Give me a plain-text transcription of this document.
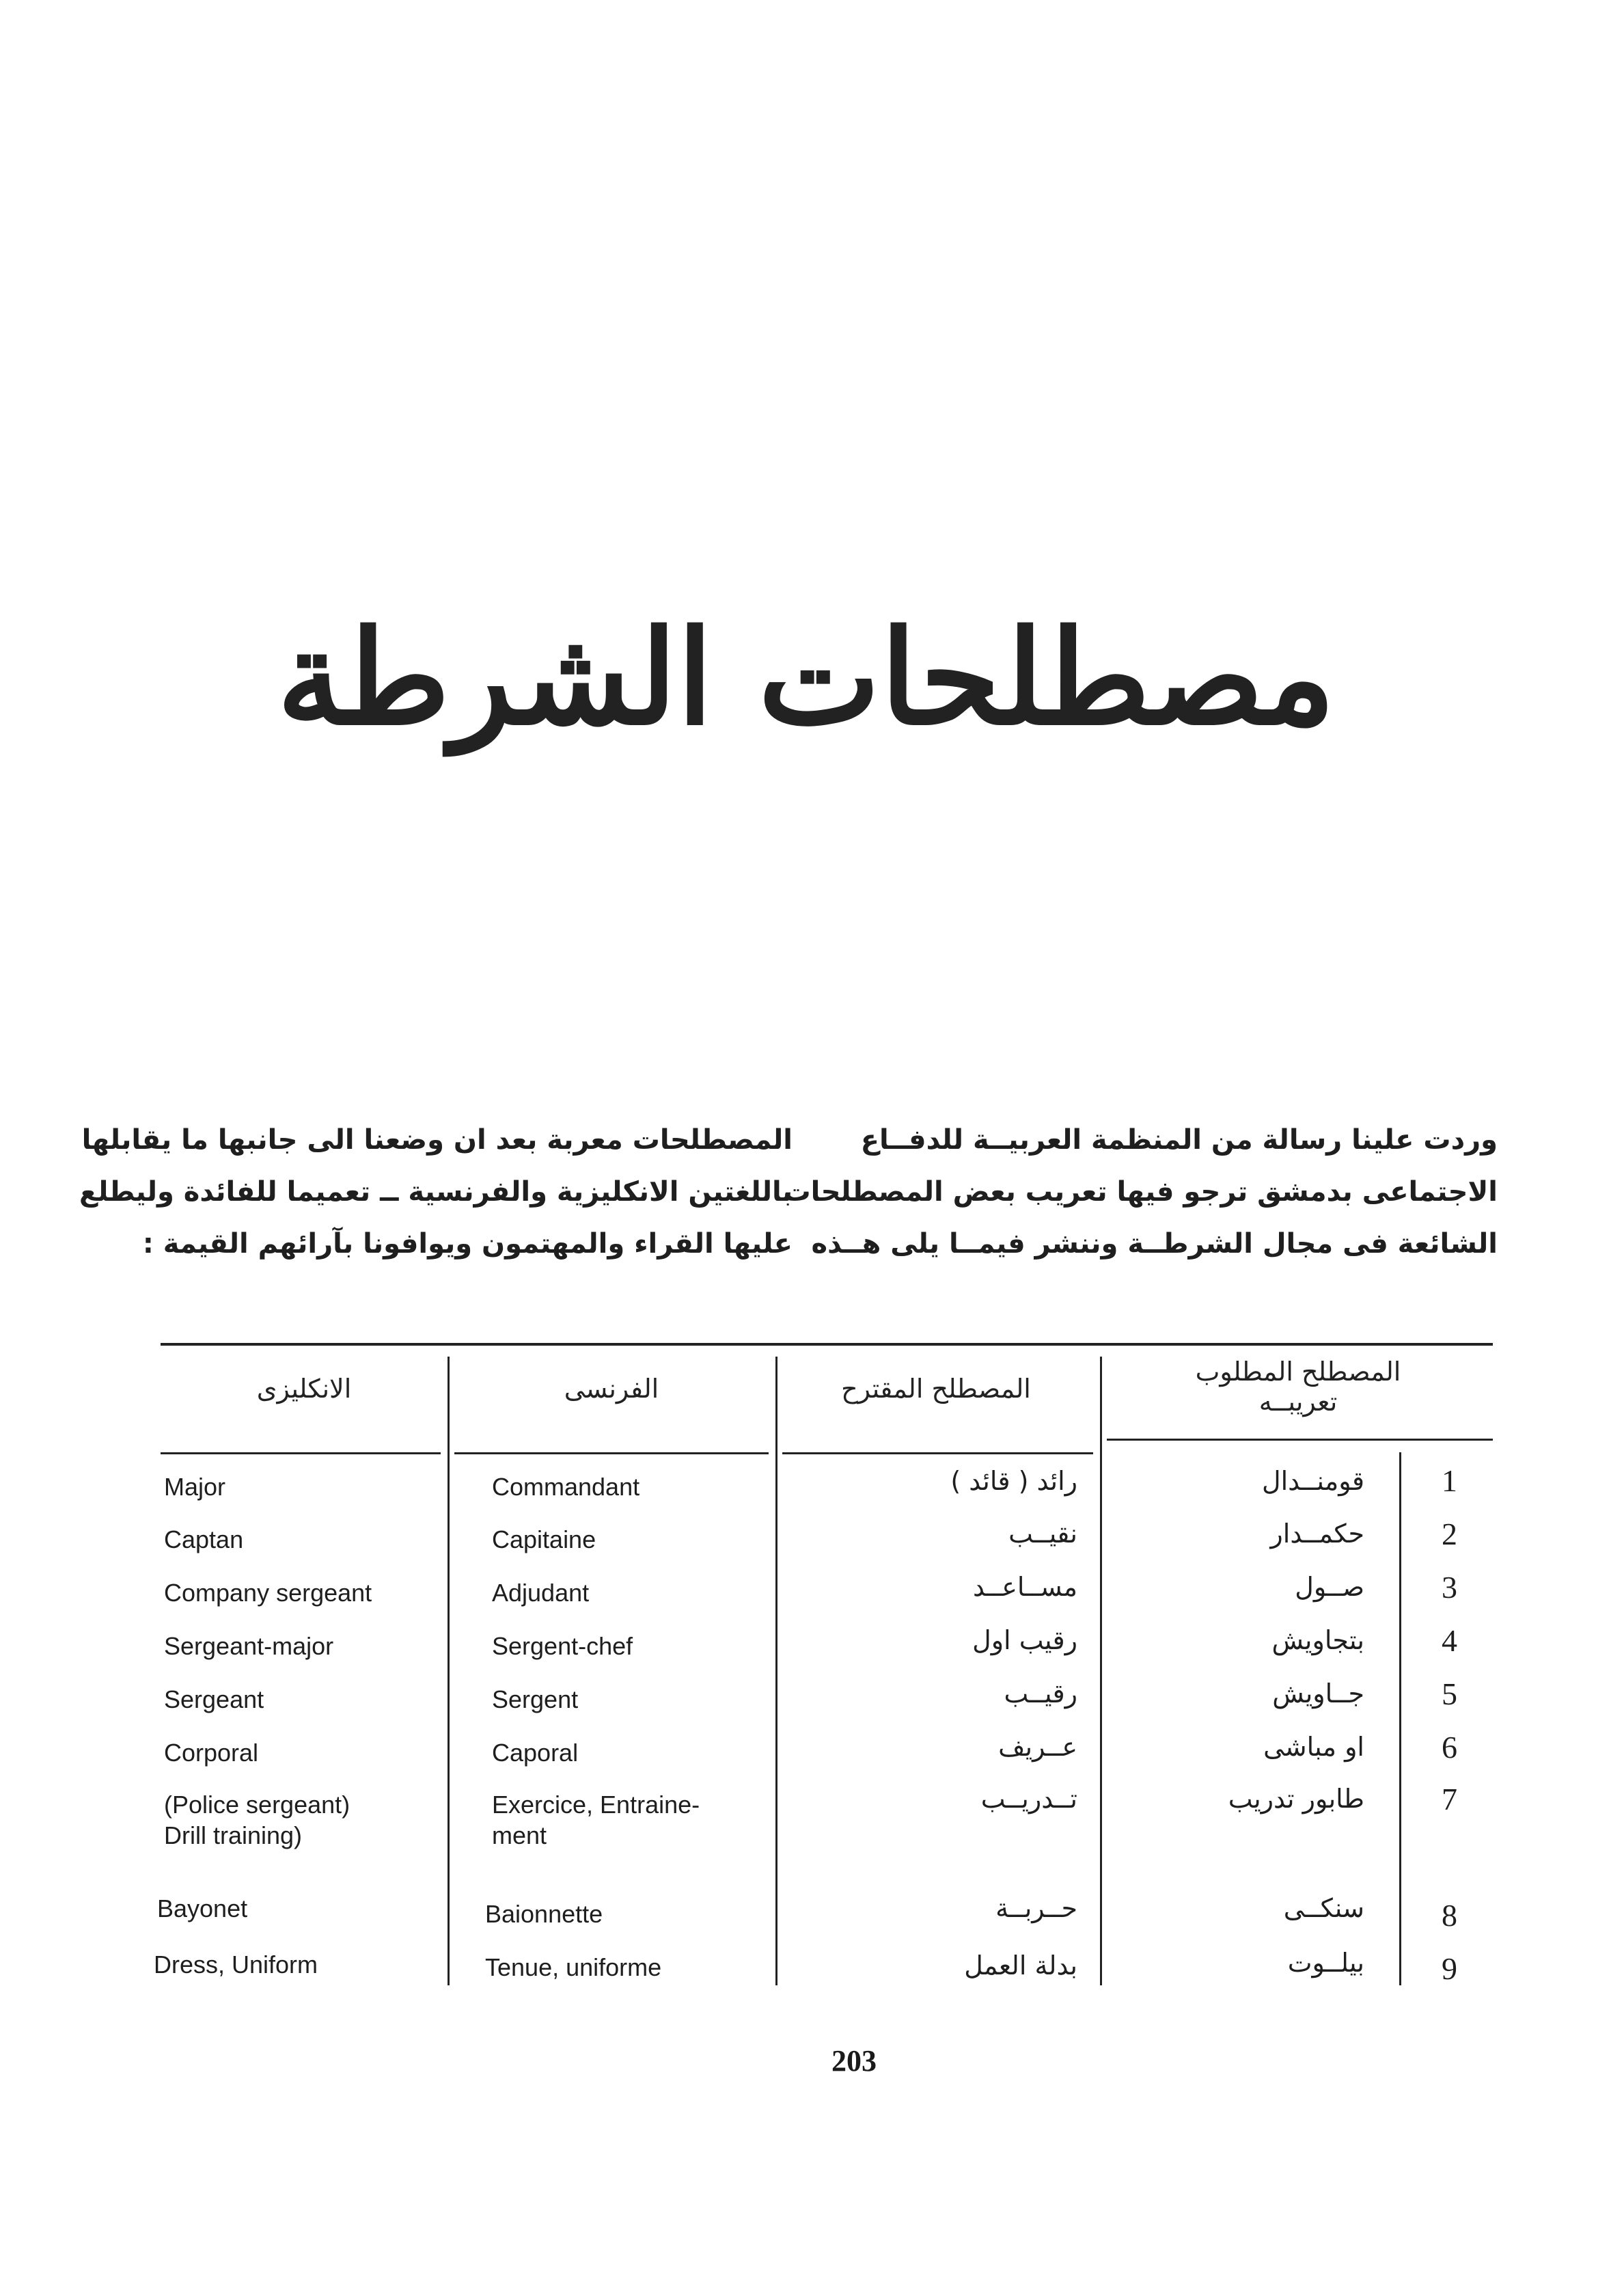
مصطلحات الشرطة
وردت علينا رسالة من المنظمة العربيــة للدفــاع
الاجتماعى بدمشق ترجو فيها تعريب بعض المصطلحات
الشائعة فى مجال الشرطــة وننشر فيمــا يلى هــذه
المصطلحات معربة بعد ان وضعنا الى جانبها ما يقابلها
باللغتين الانكليزية والفرنسية ــ تعميما للفائدة وليطلع
عليها القراء والمهتمون ويوافونا بآرائهم القيمة :
المصطلح المطلوب
تعريبــه
المصطلح المقترح
الفرنسى
الانكليزى
1
قومنــدال
رائد ( قائد )
Commandant
Major
2
حكمــدار
نقيــب
Capitaine
Captan
3
صــول
مســاعــد
Adjudant
Company sergeant
4
بتجاويش
رقيب اول
Sergent-chef
Sergeant-major
5
جــاويش
رقيــب
Sergent
Sergeant
6
او مباشى
عــريف
Caporal
Corporal
7
طابور تدريب
تــدريــب
Exercice, Entraine-
ment
(Police sergeant)
Drill training)
8
سنكــى
حــربــة
Baionnette
Bayonet
9
بيلــوت
بدلة العمل
Tenue, uniforme
Dress, Uniform
203
